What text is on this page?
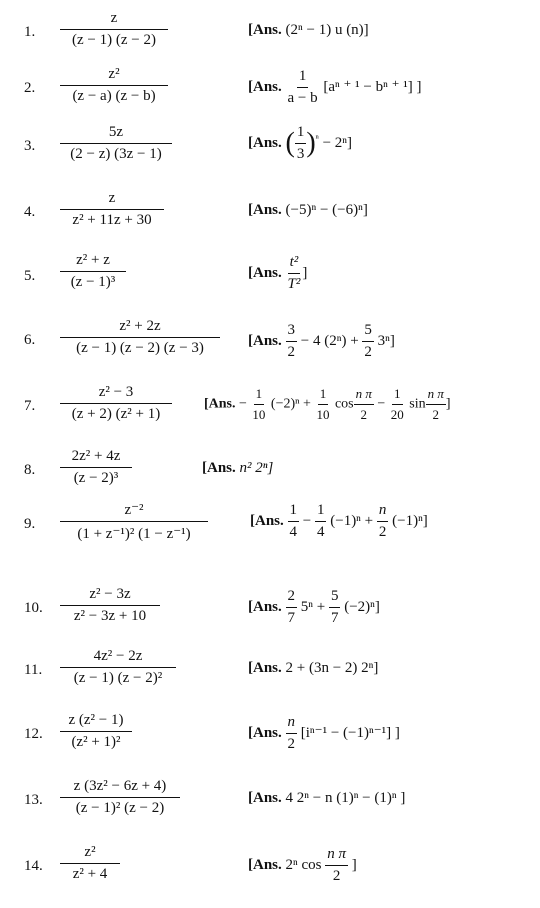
1. $\frac{z}{(z - 1) (z - 2)}$	[Ans. (2ⁿ − 1) u (n)]
2. $\frac{\text{z²}}{(z - a) (z - b)}$	[Ans. $\frac{1}{a - b} [a^n$ ⁺ ¹ − bⁿ ⁺ ¹] ]
3. $\frac{5z}{(2 - z) (3z - 1)}$	[Ans. ( $\frac{1}{3} )^{^n} - 2^n$]
4. $\frac{z}{\text{z² + 11z + 30}}$	[Ans. (−5)ⁿ − (−6)ⁿ]
5. $\frac{\text{z² + z}}{\text{(z − 1)³}}$	[Ans. $\frac{\text{t²}}{\text{T²}}$ ]
6. $\frac{\text{z² + 2z}}{(z - 1) (z - 2) (z - 3)} [Ans$. $\frac{3}{2} - 4$ $(2^n) + \frac{5}{2} 3^n$]
7. $\frac{\text{z² − 3}}{\text{(z + 2) (z² + 1)}} [Ans$. − $\frac{1}{10} (-2)^n + \frac{1}{10}$ $\cos \frac{\text{n π}}{2} - \frac{1}{20}$ $\sin \frac{\text{n π}}{2}$ ]
8. $\frac{\text{2z² + 4z}}{\text{(z − 2)³}}$	[Ans. n² 2ⁿ]
9. $\frac{\text{z⁻²}}{\text{(1 + z⁻¹)² (1 − z⁻¹)}}$	[Ans. $\frac{1}{4} - \frac{1}{4} (-1)^n + \frac{n}{2} (-1)^n$]
10. $\frac{\text{z² − 3z}}{\text{z² − 3z + 10}}$	[Ans. $\frac{2}{7} 5^n + \frac{5}{7} (-2)^n$]
11. $\frac{\text{4z² − 2z}}{\text{(z − 1) (z − 2)²}}$	[Ans. 2 + (3n − 2) 2ⁿ]
12. $\frac{\text{z (z² − 1)}}{\text{(z² + 1)²}}$	[Ans. $\frac{n}{2} [i^{n-1} - (-1)^{n-1}]$ ]
13. $\frac{\text{z (3z² − 6z + 4)}}{\text{(z − 1)² (z − 2)}}$	[Ans. 4 2ⁿ − n (1)ⁿ − (1)ⁿ ]
14. $\frac{\text{z²}}{\text{z² + 4}}$	[Ans. 2ⁿ $\cos \frac{\text{n π}}{2}$ ]
